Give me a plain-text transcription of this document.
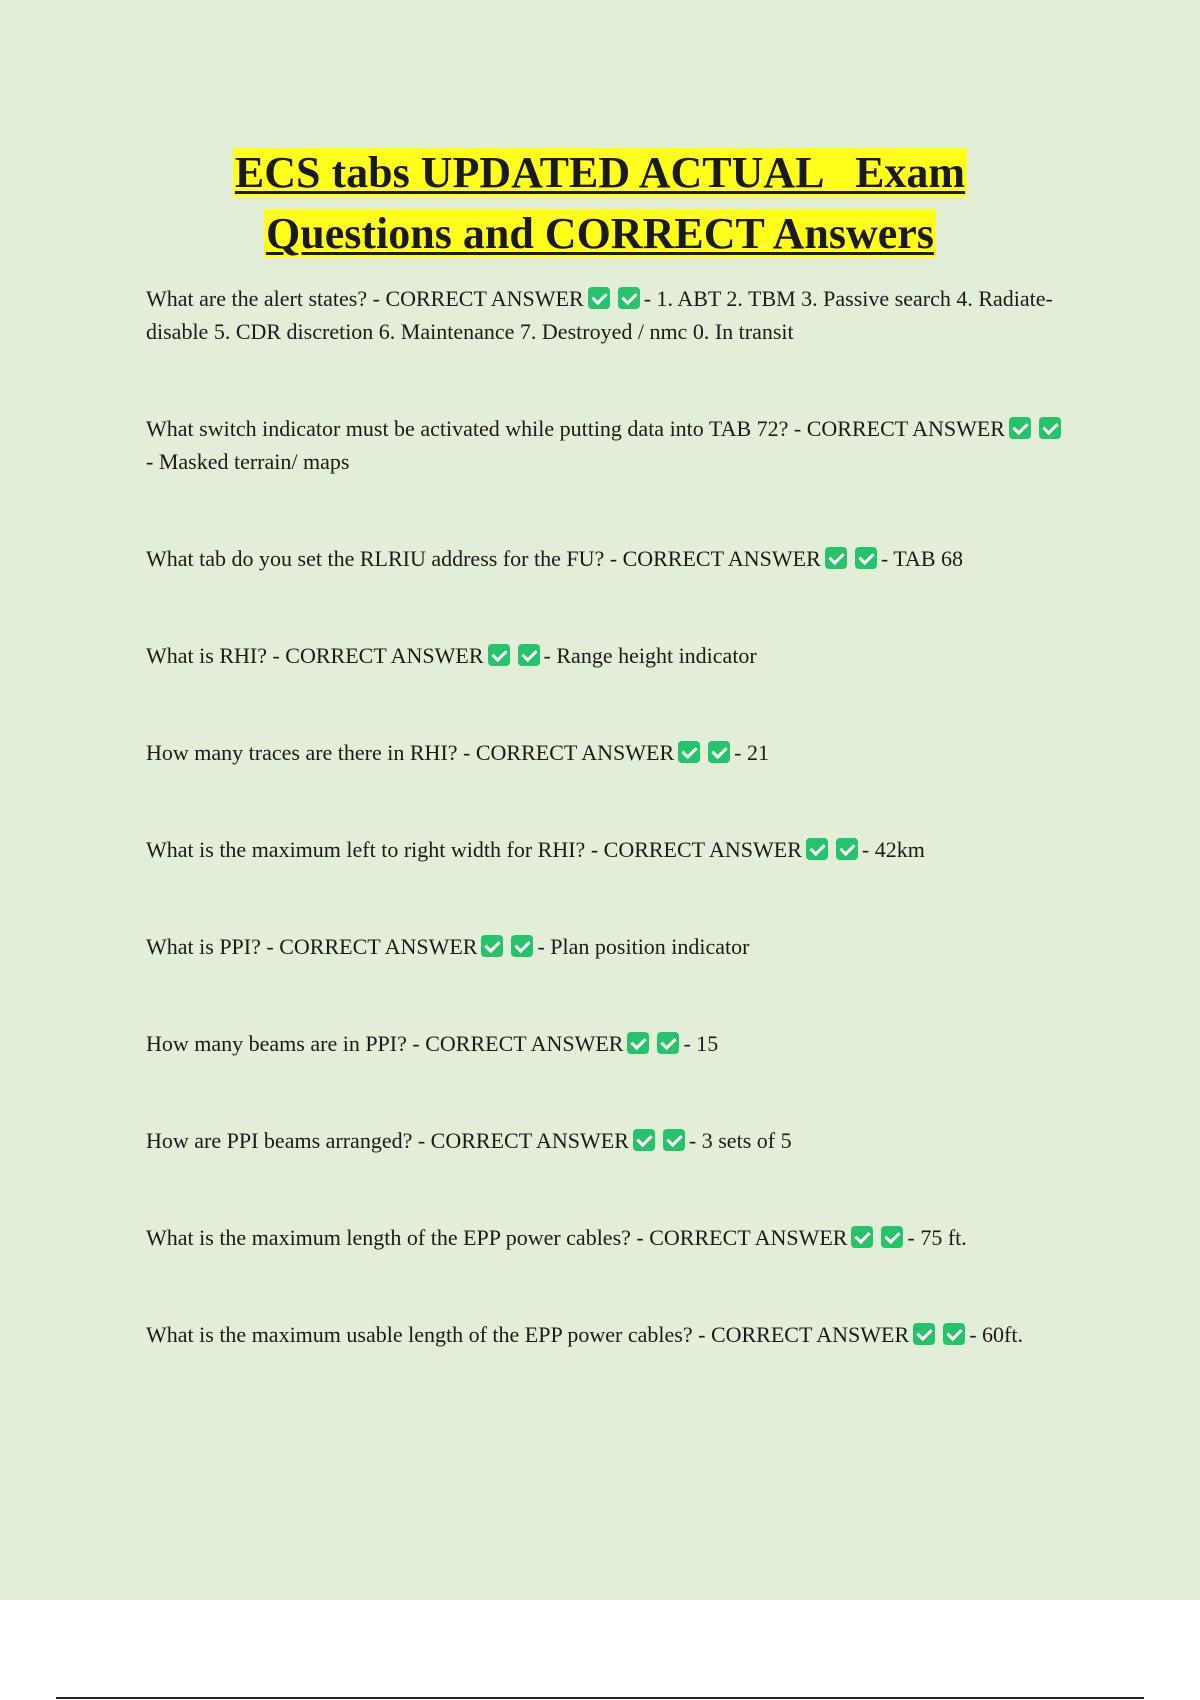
ECS tabs UPDATED ACTUAL   Exam
Questions and CORRECT Answers
What are the alert states? - CORRECT ANSWER	- 1. ABT 2. TBM 3. Passive search 4. Radiate- disable 5. CDR discretion 6. Maintenance 7. Destroyed / nmc 0. In transit
What switch indicator must be activated while putting data into TAB 72? - CORRECT ANSWER- Masked terrain/ maps
What tab do you set the RLRIU address for the FU? - CORRECT ANSWER	- TAB 68
What is RHI? - CORRECT ANSWER	- Range height indicator
How many traces are there in RHI? - CORRECT ANSWER	- 21
What is the maximum left to right width for RHI? - CORRECT ANSWER	- 42km
What is PPI? - CORRECT ANSWER	- Plan position indicator
How many beams are in PPI? - CORRECT ANSWER	- 15
How are PPI beams arranged? - CORRECT ANSWER	- 3 sets of 5
What is the maximum length of the EPP power cables? - CORRECT ANSWER	- 75 ft.
What is the maximum usable length of the EPP power cables? - CORRECT ANSWER	- 60ft.
